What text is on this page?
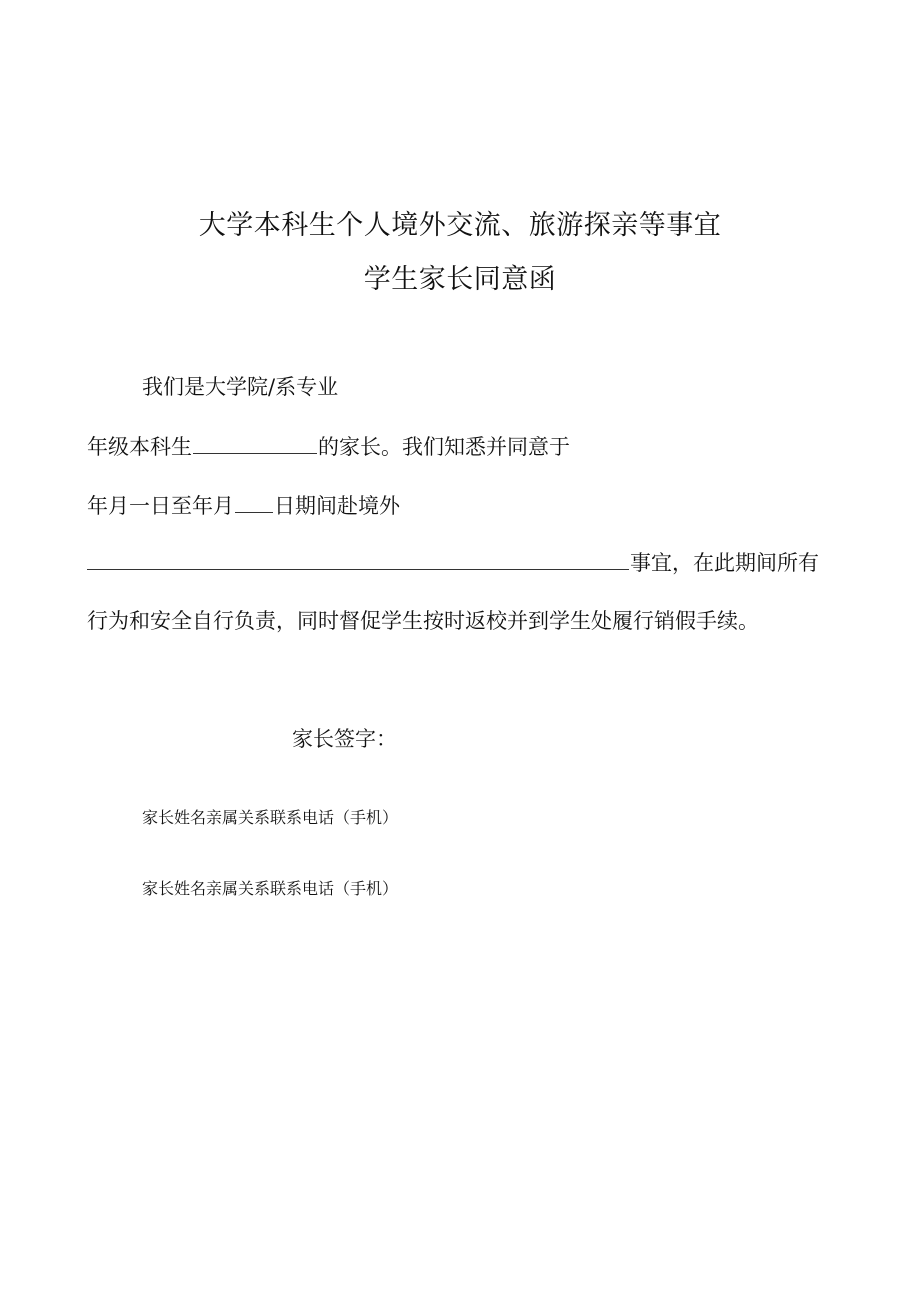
大学本科生个人境外交流、旅游探亲等事宜
学生家长同意函
我们是大学院/系专业
年级本科生	的家长。我们知悉并同意于
年月一日至年月 日期间赴境外
事宜，在此期间所有
行为和安全自行负责，同时督促学生按时返校并到学生处履行销假手续。
家长签字：
家长姓名亲属关系联系电话（手机）
家长姓名亲属关系联系电话（手机）
